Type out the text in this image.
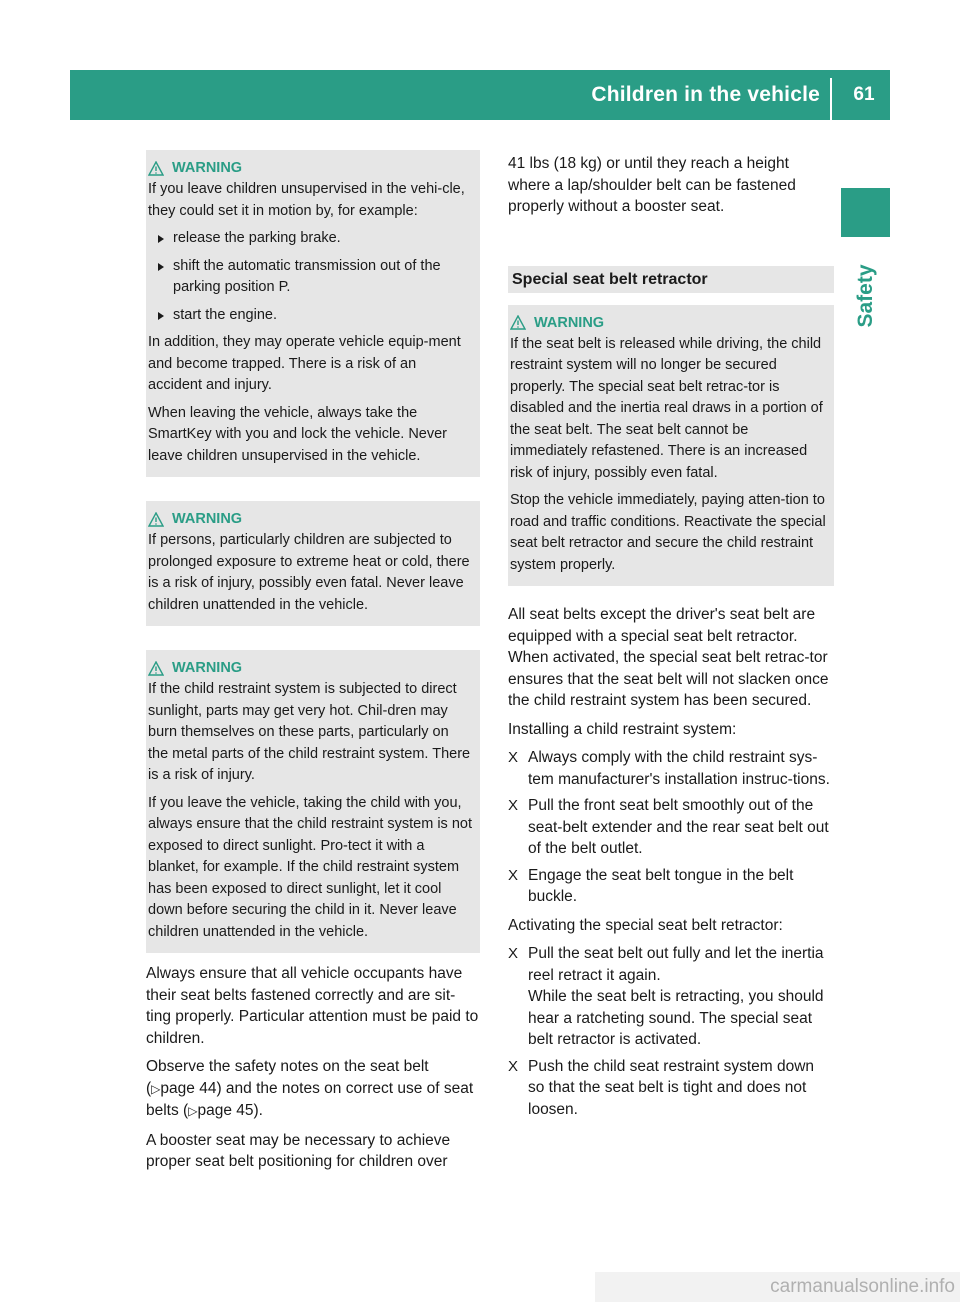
Children in the vehicle	61
Safety
WARNING

If you leave children unsupervised in the vehi-cle, they could set it in motion by, for example:

release the parking brake.
shift the automatic transmission out of the parking position P.
start the engine.

In addition, they may operate vehicle equip-ment and become trapped. There is a risk of an accident and injury.

When leaving the vehicle, always take the SmartKey with you and lock the vehicle. Never leave children unsupervised in the vehicle.

WARNING

If persons, particularly children are subjected to prolonged exposure to extreme heat or cold, there is a risk of injury, possibly even fatal. Never leave children unattended in the vehicle.

WARNING

If the child restraint system is subjected to direct sunlight, parts may get very hot. Chil-dren may burn themselves on these parts, particularly on the metal parts of the child restraint system. There is a risk of injury.

If you leave the vehicle, taking the child with you, always ensure that the child restraint system is not exposed to direct sunlight. Pro-tect it with a blanket, for example. If the child restraint system has been exposed to direct sunlight, let it cool down before securing the child in it. Never leave children unattended in the vehicle.

Always ensure that all vehicle occupants have their seat belts fastened correctly and are sit-ting properly. Particular attention must be paid to children.

Observe the safety notes on the seat belt (▷page 44) and the notes on correct use of seat belts (▷page 45).

A booster seat may be necessary to achieve proper seat belt positioning for children over

41 lbs (18 kg) or until they reach a height where a lap/shoulder belt can be fastened properly without a booster seat.

Special seat belt retractor
WARNING

If the seat belt is released while driving, the child restraint system will no longer be secured properly. The special seat belt retrac-tor is disabled and the inertia real draws in a portion of the seat belt. The seat belt cannot be immediately refastened. There is an increased risk of injury, possibly even fatal.

Stop the vehicle immediately, paying atten-tion to road and traffic conditions. Reactivate the special seat belt retractor and secure the child restraint system properly.

All seat belts except the driver's seat belt are equipped with a special seat belt retractor. When activated, the special seat belt retrac-tor ensures that the seat belt will not slacken once the child restraint system has been secured.

Installing a child restraint system:

X Always comply with the child restraint sys-tem manufacturer's installation instruc-tions.
X Pull the front seat belt smoothly out of the seat-belt extender and the rear seat belt out of the belt outlet.
X Engage the seat belt tongue in the belt buckle.

Activating the special seat belt retractor:

X Pull the seat belt out fully and let the inertia reel retract it again.
While the seat belt is retracting, you should hear a ratcheting sound. The special seat belt retractor is activated.
X Push the child seat restraint system down so that the seat belt is tight and does not loosen.
carmanualsonline.info
